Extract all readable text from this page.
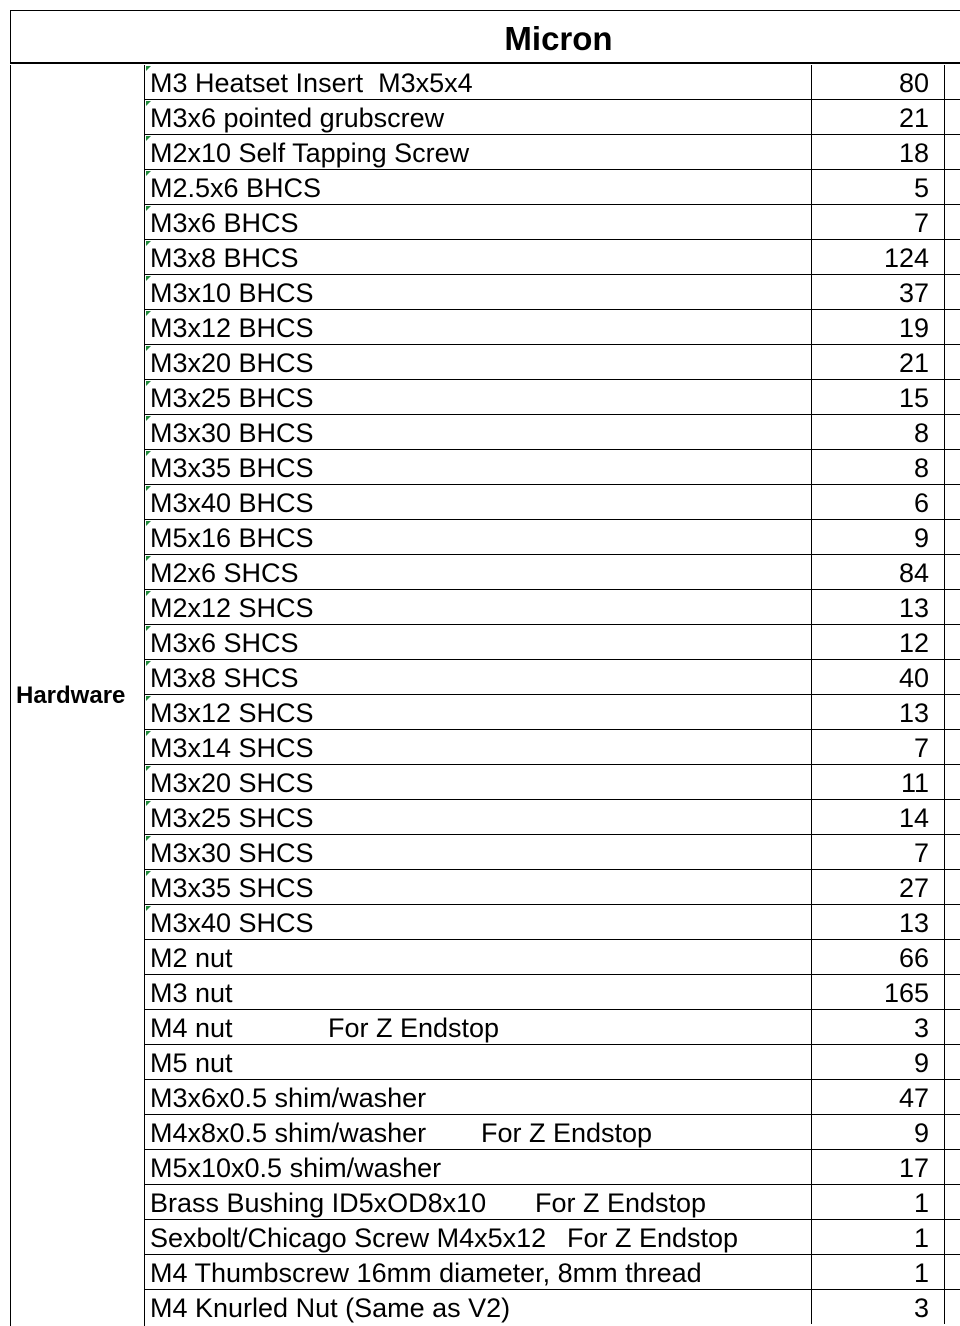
Micron
Hardware
M3 Heatset Insert  M3x5x4	80
M3x6 pointed grubscrew	21
M2x10 Self Tapping Screw	18
M2.5x6 BHCS	5
M3x6 BHCS	7
M3x8 BHCS	124
M3x10 BHCS	37
M3x12 BHCS	19
M3x20 BHCS	21
M3x25 BHCS	15
M3x30 BHCS	8
M3x35 BHCS	8
M3x40 BHCS	6
M5x16 BHCS	9
M2x6 SHCS	84
M2x12 SHCS	13
M3x6 SHCS	12
M3x8 SHCS	40
M3x12 SHCS	13
M3x14 SHCS	7
M3x20 SHCS	11
M3x25 SHCS	14
M3x30 SHCS	7
M3x35 SHCS	27
M3x40 SHCS	13
M2 nut	66
M3 nut	165
M4 nut	For Z Endstop	3
M5 nut	9
M3x6x0.5 shim/washer	47
M4x8x0.5 shim/washer For Z Endstop	9
M5x10x0.5 shim/washer	17
Brass Bushing ID5xOD8x10 For Z Endstop	1
Sexbolt/Chicago Screw M4x5x12 For Z Endstop	1
M4 Thumbscrew 16mm diameter, 8mm thread	1
M4 Knurled Nut (Same as V2)	3
